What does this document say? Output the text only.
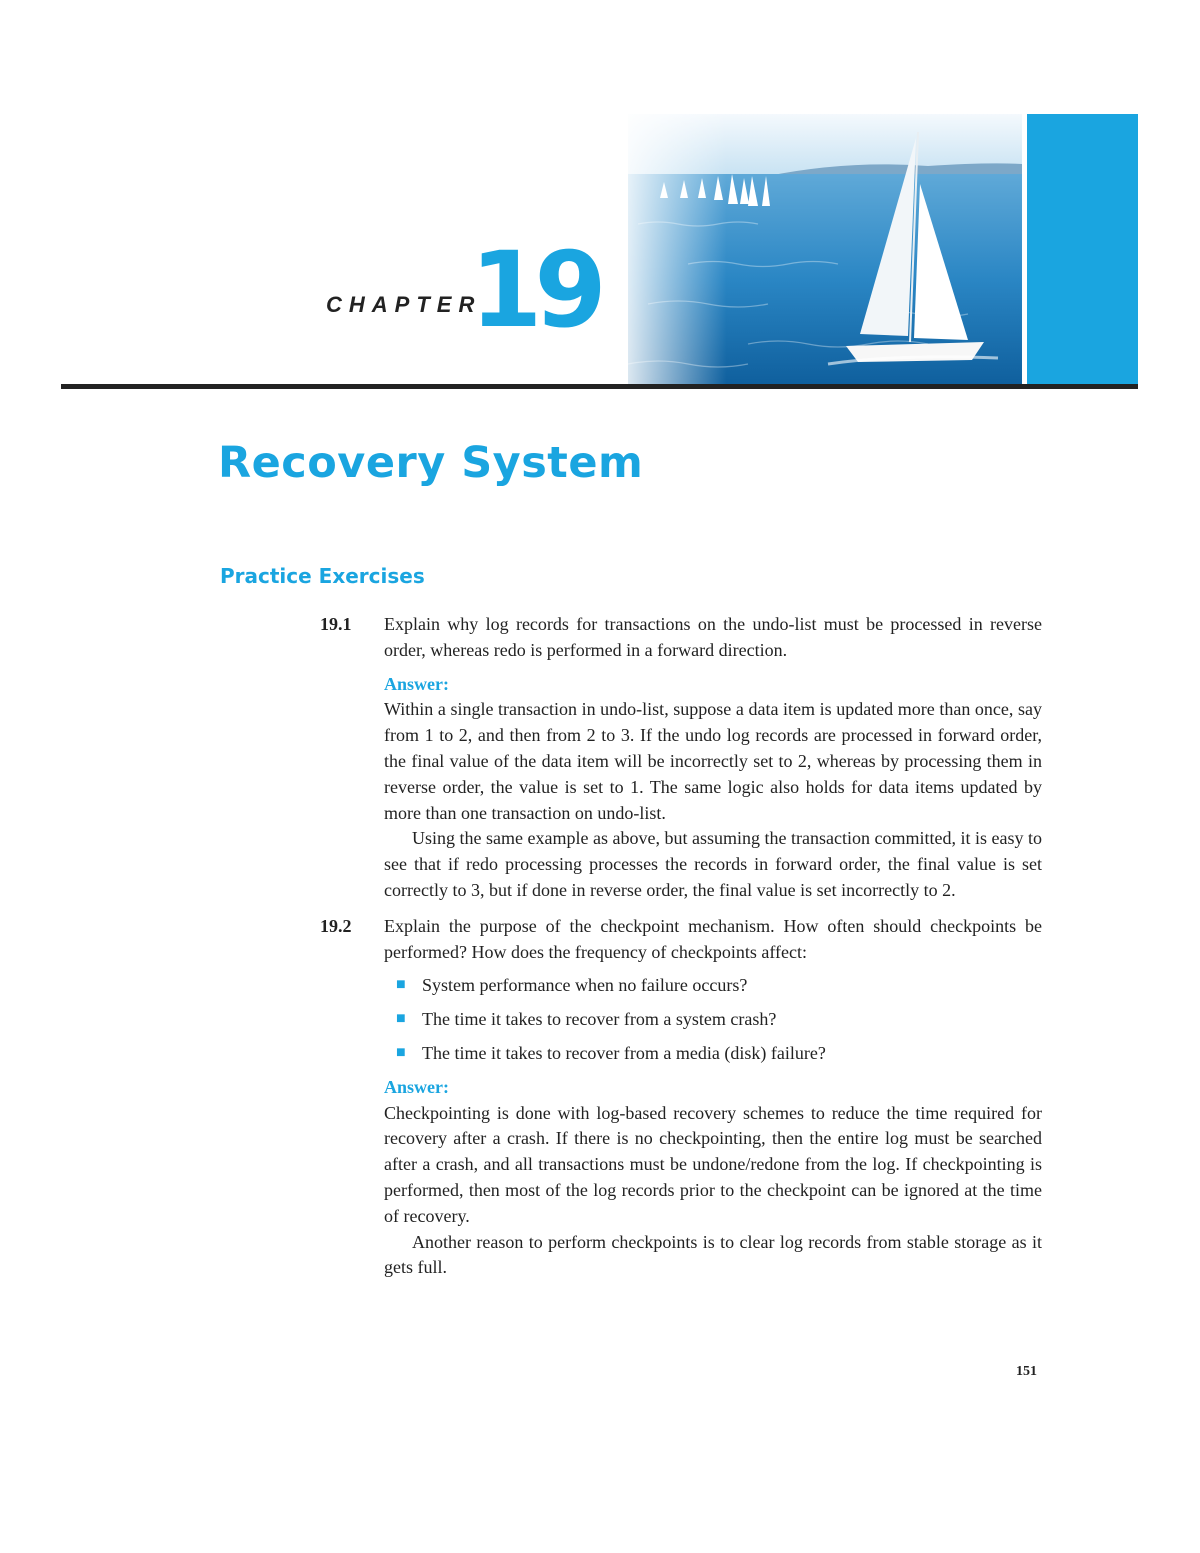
CHAPTER
19
Recovery System
Practice Exercises
19.1 Explain why log records for transactions on the undo-list must be processed in reverse order, whereas redo is performed in a forward direction.

Answer:

Within a single transaction in undo-list, suppose a data item is updated more than once, say from 1 to 2, and then from 2 to 3. If the undo log records are processed in forward order, the final value of the data item will be incorrectly set to 2, whereas by processing them in reverse order, the value is set to 1. The same logic also holds for data items updated by more than one transaction on undo-list.

Using the same example as above, but assuming the transaction committed, it is easy to see that if redo processing processes the records in forward order, the final value is set correctly to 3, but if done in reverse order, the final value is set incorrectly to 2.

19.2 Explain the purpose of the checkpoint mechanism. How often should checkpoints be performed? How does the frequency of checkpoints affect:

■ System performance when no failure occurs?
■ The time it takes to recover from a system crash?
■ The time it takes to recover from a media (disk) failure?
Answer:

Checkpointing is done with log-based recovery schemes to reduce the time required for recovery after a crash. If there is no checkpointing, then the entire log must be searched after a crash, and all transactions must be undone/redone from the log. If checkpointing is performed, then most of the log records prior to the checkpoint can be ignored at the time of recovery.

Another reason to perform checkpoints is to clear log records from stable storage as it gets full.

151
